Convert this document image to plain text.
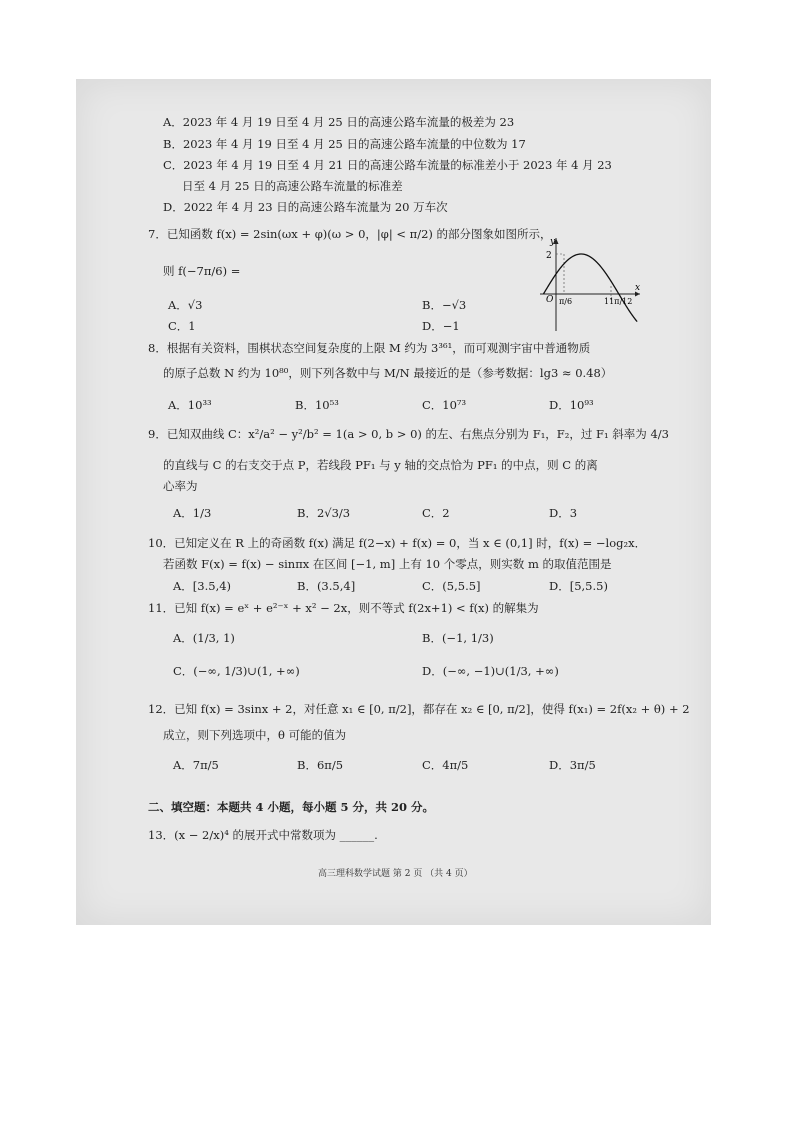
A．2023 年 4 月 19 日至 4 月 25 日的高速公路车流量的极差为 23
B．2023 年 4 月 19 日至 4 月 25 日的高速公路车流量的中位数为 17
C．2023 年 4 月 19 日至 4 月 21 日的高速公路车流量的标准差小于 2023 年 4 月 23
日至 4 月 25 日的高速公路车流量的标准差
D．2022 年 4 月 23 日的高速公路车流量为 20 万车次
7．已知函数 f(x) = 2sin(ωx + φ)(ω > 0，|φ| < π/2) 的部分图象如图所示，
则 f(−7π/6) =
A．√3	B．−√3
C．1	D．−1
y
x
2
O π/6	11π/12
8．根据有关资料，围棋状态空间复杂度的上限 M 约为 3³⁶¹，而可观测宇宙中普通物质
的原子总数 N 约为 10⁸⁰，则下列各数中与 M/N 最接近的是（参考数据：lg3 ≈ 0.48）
A．10³³	B．10⁵³	C．10⁷³	D．10⁹³
9．已知双曲线 C：x²/a² − y²/b² = 1(a > 0, b > 0) 的左、右焦点分别为 F₁，F₂，过 F₁ 斜率为 4/3
的直线与 C 的右支交于点 P，若线段 PF₁ 与 y 轴的交点恰为 PF₁ 的中点，则 C 的离
心率为
A．1/3	B．2√3/3	C．2	D．3
10．已知定义在 R 上的奇函数 f(x) 满足 f(2−x) + f(x) = 0，当 x ∈ (0,1] 时，f(x) = −log₂x．
若函数 F(x) = f(x) − sinπx 在区间 [−1, m] 上有 10 个零点，则实数 m 的取值范围是
A．[3.5,4)	B．(3.5,4]	C．(5,5.5]	D．[5,5.5)
11．已知 f(x) = eˣ + e²⁻ˣ + x² − 2x，则不等式 f(2x+1) < f(x) 的解集为
A．(1/3, 1)	B．(−1, 1/3)
C．(−∞, 1/3)∪(1, +∞)	D．(−∞, −1)∪(1/3, +∞)
12．已知 f(x) = 3sinx + 2，对任意 x₁ ∈ [0, π/2]，都存在 x₂ ∈ [0, π/2]，使得 f(x₁) = 2f(x₂ + θ) + 2
成立，则下列选项中，θ 可能的值为
A．7π/5	B．6π/5	C．4π/5	D．3π/5
二、填空题：本题共 4 小题，每小题 5 分，共 20 分。
13．(x − 2/x)⁴ 的展开式中常数项为 ______.
高三理科数学试题 第 2 页 （共 4 页）
